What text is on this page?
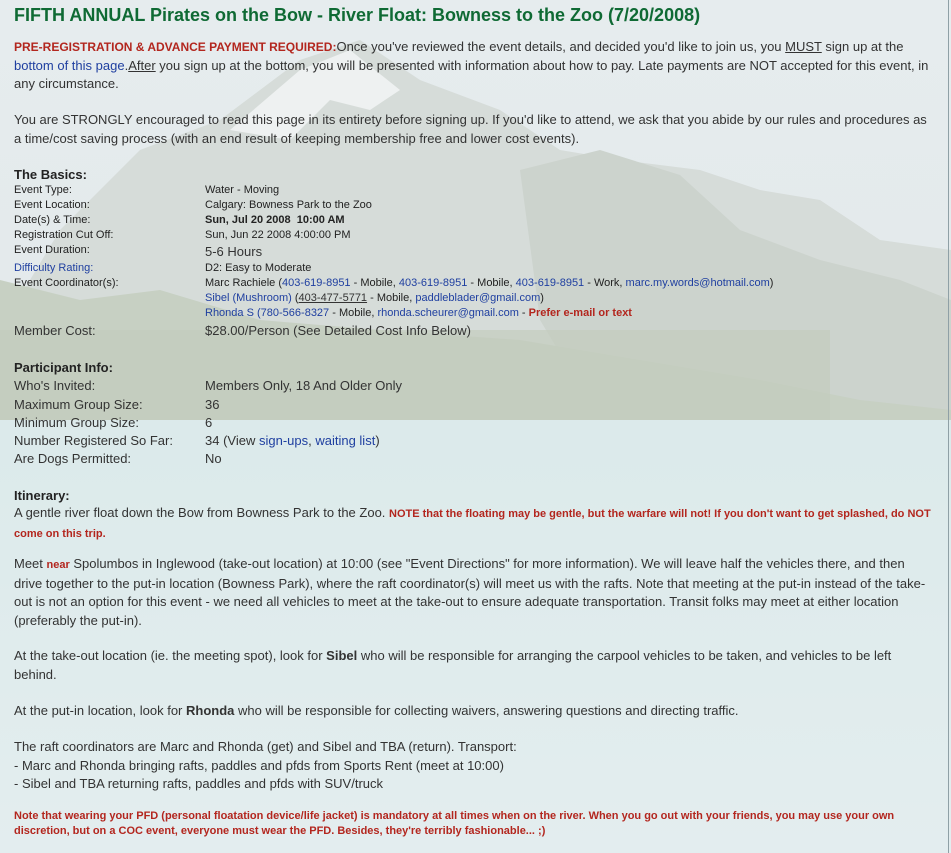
FIFTH ANNUAL Pirates on the Bow - River Float: Bowness to the Zoo (7/20/2008)
PRE-REGISTRATION & ADVANCE PAYMENT REQUIRED:Once you've reviewed the event details, and decided you'd like to join us, you MUST sign up at the bottom of this page.After you sign up at the bottom, you will be presented with information about how to pay. Late payments are NOT accepted for this event, in any circumstance.
You are STRONGLY encouraged to read this page in its entirety before signing up. If you'd like to attend, we ask that you abide by our rules and procedures as a time/cost saving process (with an end result of keeping membership free and lower cost events).
The Basics:
Event Type:	Water - Moving
Event Location:	Calgary: Bowness Park to the Zoo
Date(s) & Time:	Sun, Jul 20 2008  10:00 AM
Registration Cut Off:	Sun, Jun 22 2008 4:00:00 PM
Event Duration:	5-6 Hours
Difficulty Rating:	D2: Easy to Moderate
Event Coordinator(s):	Marc Rachiele (403-619-8951 - Mobile, 403-619-8951 - Mobile, 403-619-8951 - Work, marc.my.words@hotmail.com)
Sibel (Mushroom) (403-477-5771 - Mobile, paddleblader@gmail.com)
Rhonda S (780-566-8327 - Mobile, rhonda.scheurer@gmail.com - Prefer e-mail or text
Member Cost:	$28.00/Person (See Detailed Cost Info Below)
Participant Info:
Who's Invited:	Members Only, 18 And Older Only
Maximum Group Size:	36
Minimum Group Size:	6
Number Registered So Far: 34 (View sign-ups, waiting list)
Are Dogs Permitted:	No
Itinerary:
A gentle river float down the Bow from Bowness Park to the Zoo. NOTE that the floating may be gentle, but the warfare will not! If you don't want to get splashed, do NOT come on this trip.
Meet near Spolumbos in Inglewood (take-out location) at 10:00 (see "Event Directions" for more information). We will leave half the vehicles there, and then drive together to the put-in location (Bowness Park), where the raft coordinator(s) will meet us with the rafts. Note that meeting at the put-in instead of the take-out is not an option for this event - we need all vehicles to meet at the take-out to ensure adequate transportation. Transit folks may meet at either location (preferably the put-in).
At the take-out location (ie. the meeting spot), look for Sibel who will be responsible for arranging the carpool vehicles to be taken, and vehicles to be left behind.
At the put-in location, look for Rhonda who will be responsible for collecting waivers, answering questions and directing traffic.
The raft coordinators are Marc and Rhonda (get) and Sibel and TBA (return). Transport:
- Marc and Rhonda bringing rafts, paddles and pfds from Sports Rent (meet at 10:00)
- Sibel and TBA returning rafts, paddles and pfds with SUV/truck
Note that wearing your PFD (personal floatation device/life jacket) is mandatory at all times when on the river. When you go out with your friends, you may use your own discretion, but on a COC event, everyone must wear the PFD. Besides, they're terribly fashionable... ;)
